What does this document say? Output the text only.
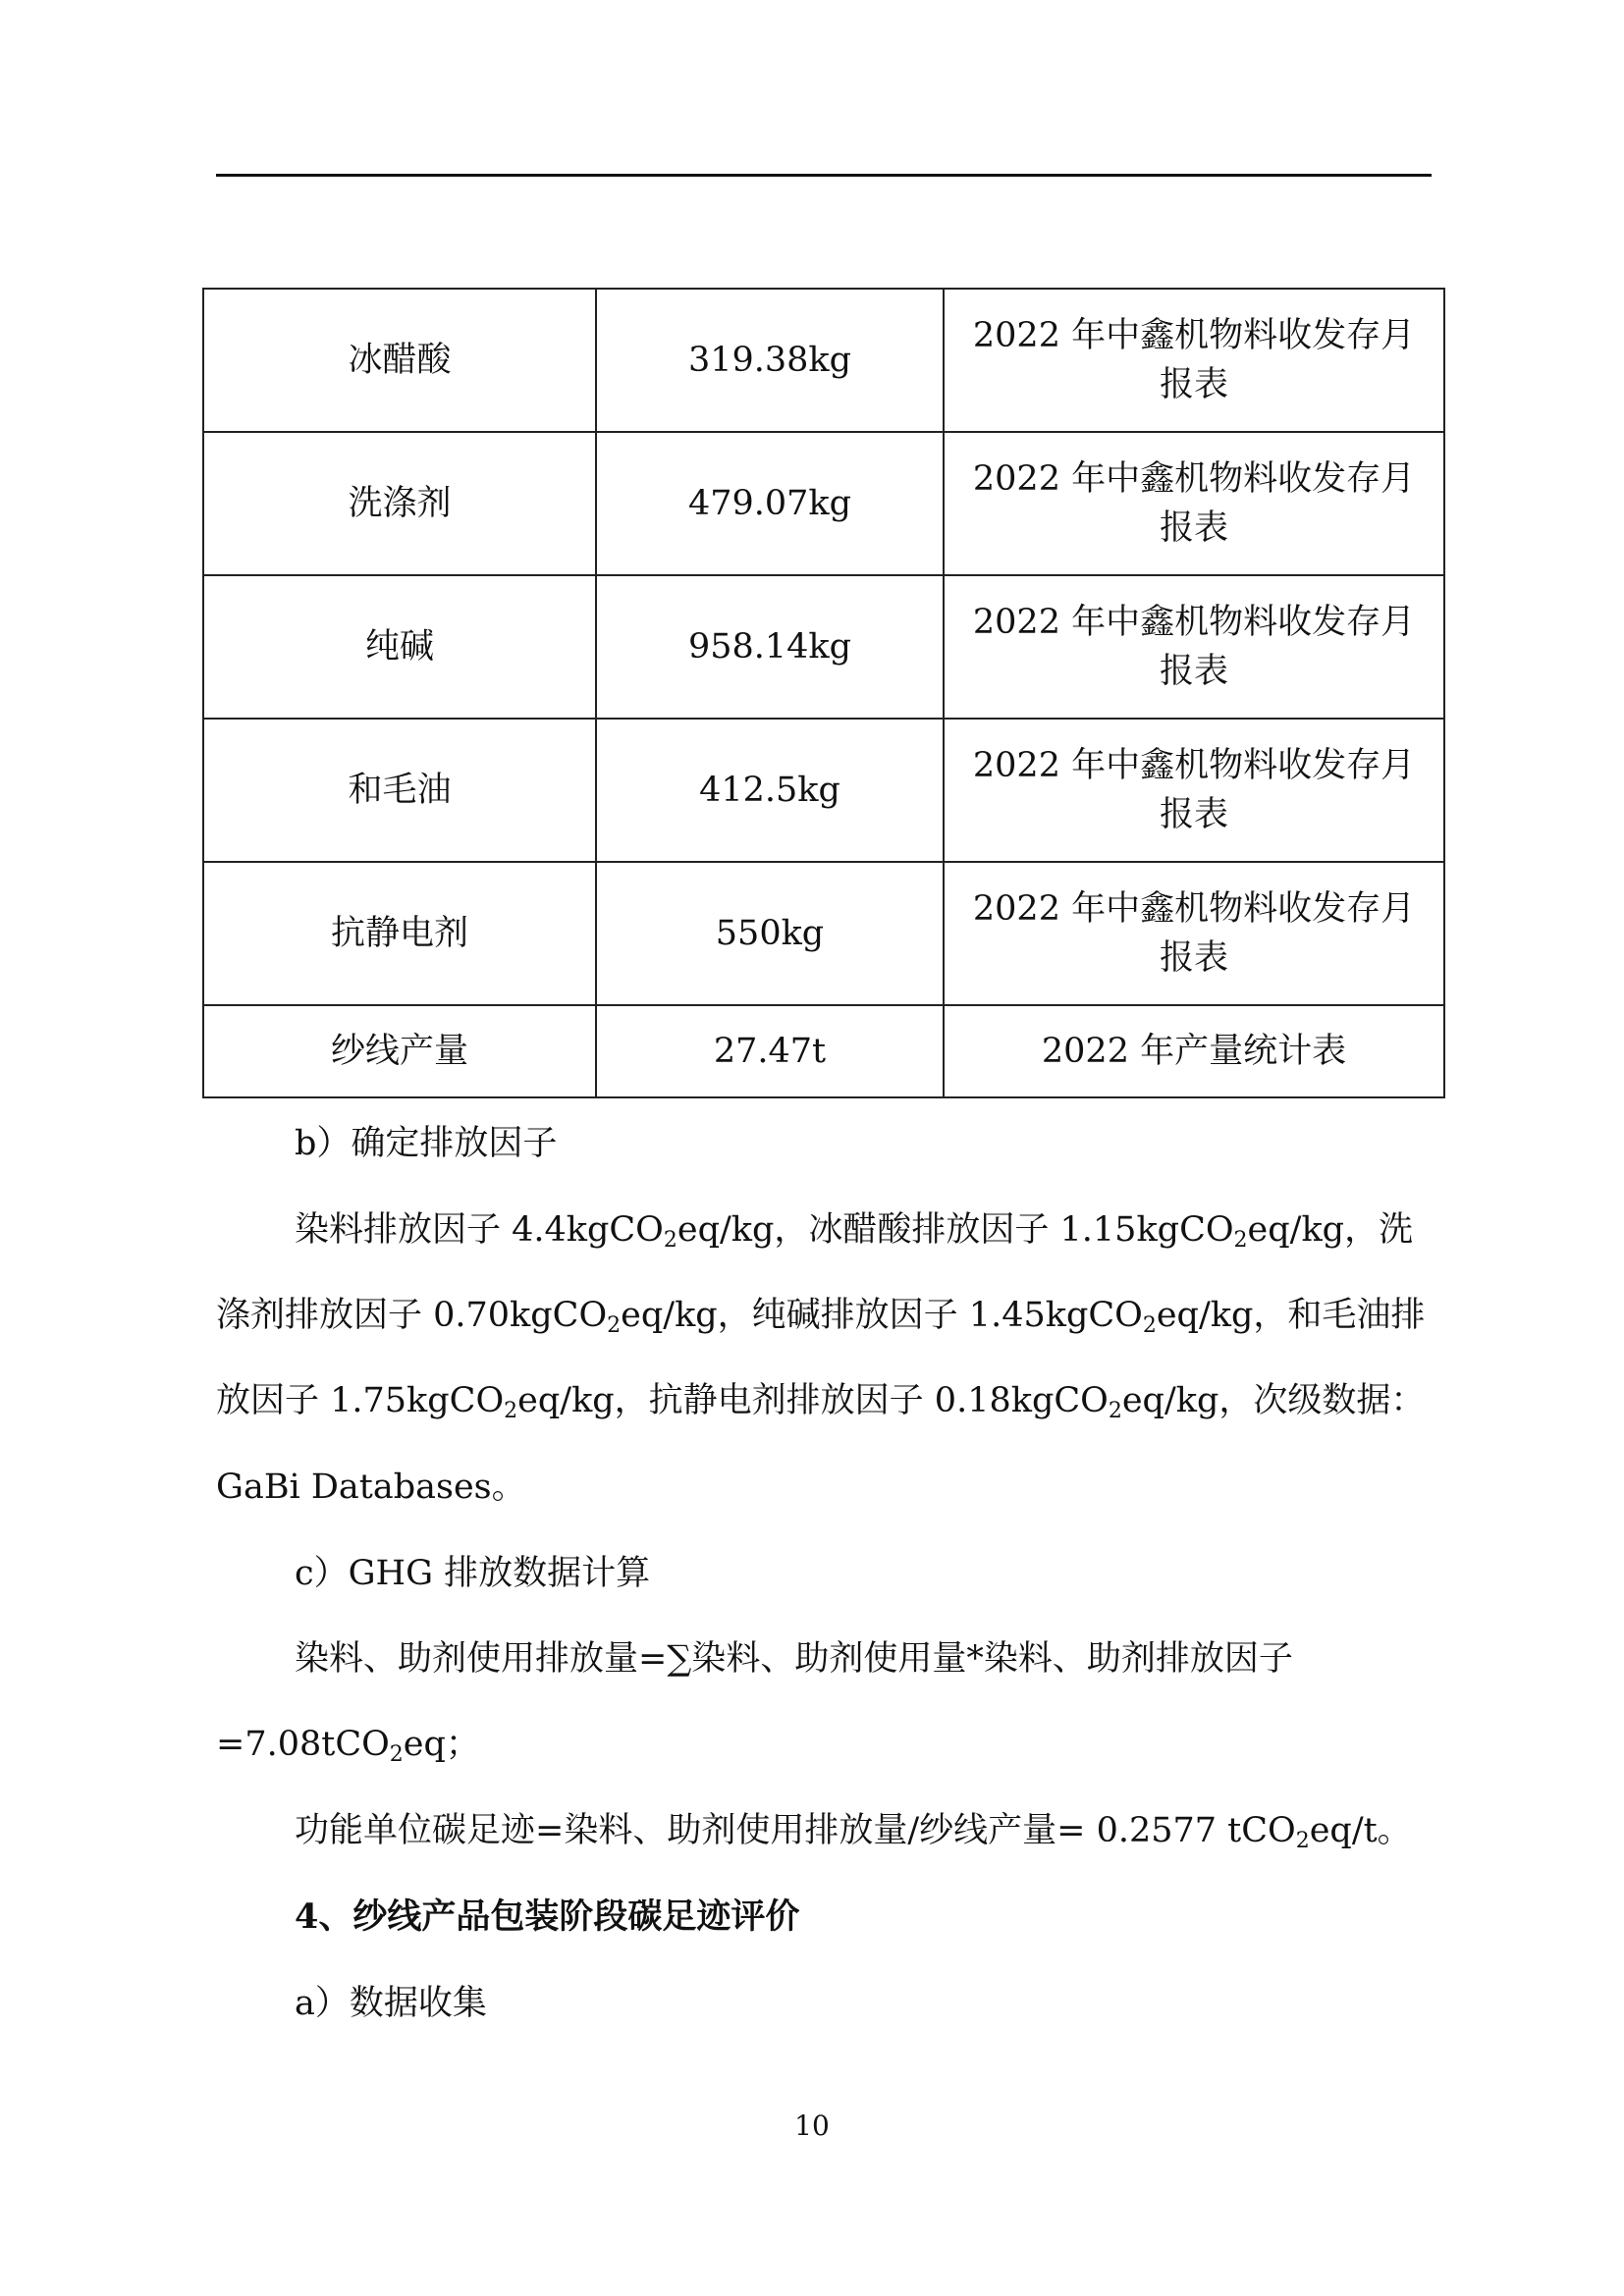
冰醋酸	319.38kg	2022 年中鑫机物料收发存月
报表

洗涤剂	479.07kg	2022 年中鑫机物料收发存月
报表

纯碱	958.14kg	2022 年中鑫机物料收发存月
报表

和毛油	412.5kg	2022 年中鑫机物料收发存月
报表

抗静电剂	550kg	2022 年中鑫机物料收发存月
报表

纱线产量	27.47t	2022 年产量统计表
b）确定排放因子
染料排放因子 4.4kgCO$_2$eq/kg，冰醋酸排放因子 1.15kgCO$_2$eq/kg，洗
涤剂排放因子 0.70kgCO$_2$eq/kg，纯碱排放因子 1.45kgCO$_2$eq/kg，和毛油排
放因子 1.75kgCO$_2$eq/kg，抗静电剂排放因子 0.18kgCO$_2$eq/kg，次级数据：
GaBi Databases。
c）GHG 排放数据计算
染料、助剂使用排放量=∑染料、助剂使用量*染料、助剂排放因子
=7.08tCO$_2$eq；
功能单位碳足迹=染料、助剂使用排放量/纱线产量= 0.2577 tCO$_2$eq/t。
4、纱线产品包装阶段碳足迹评价
a）数据收集
10
